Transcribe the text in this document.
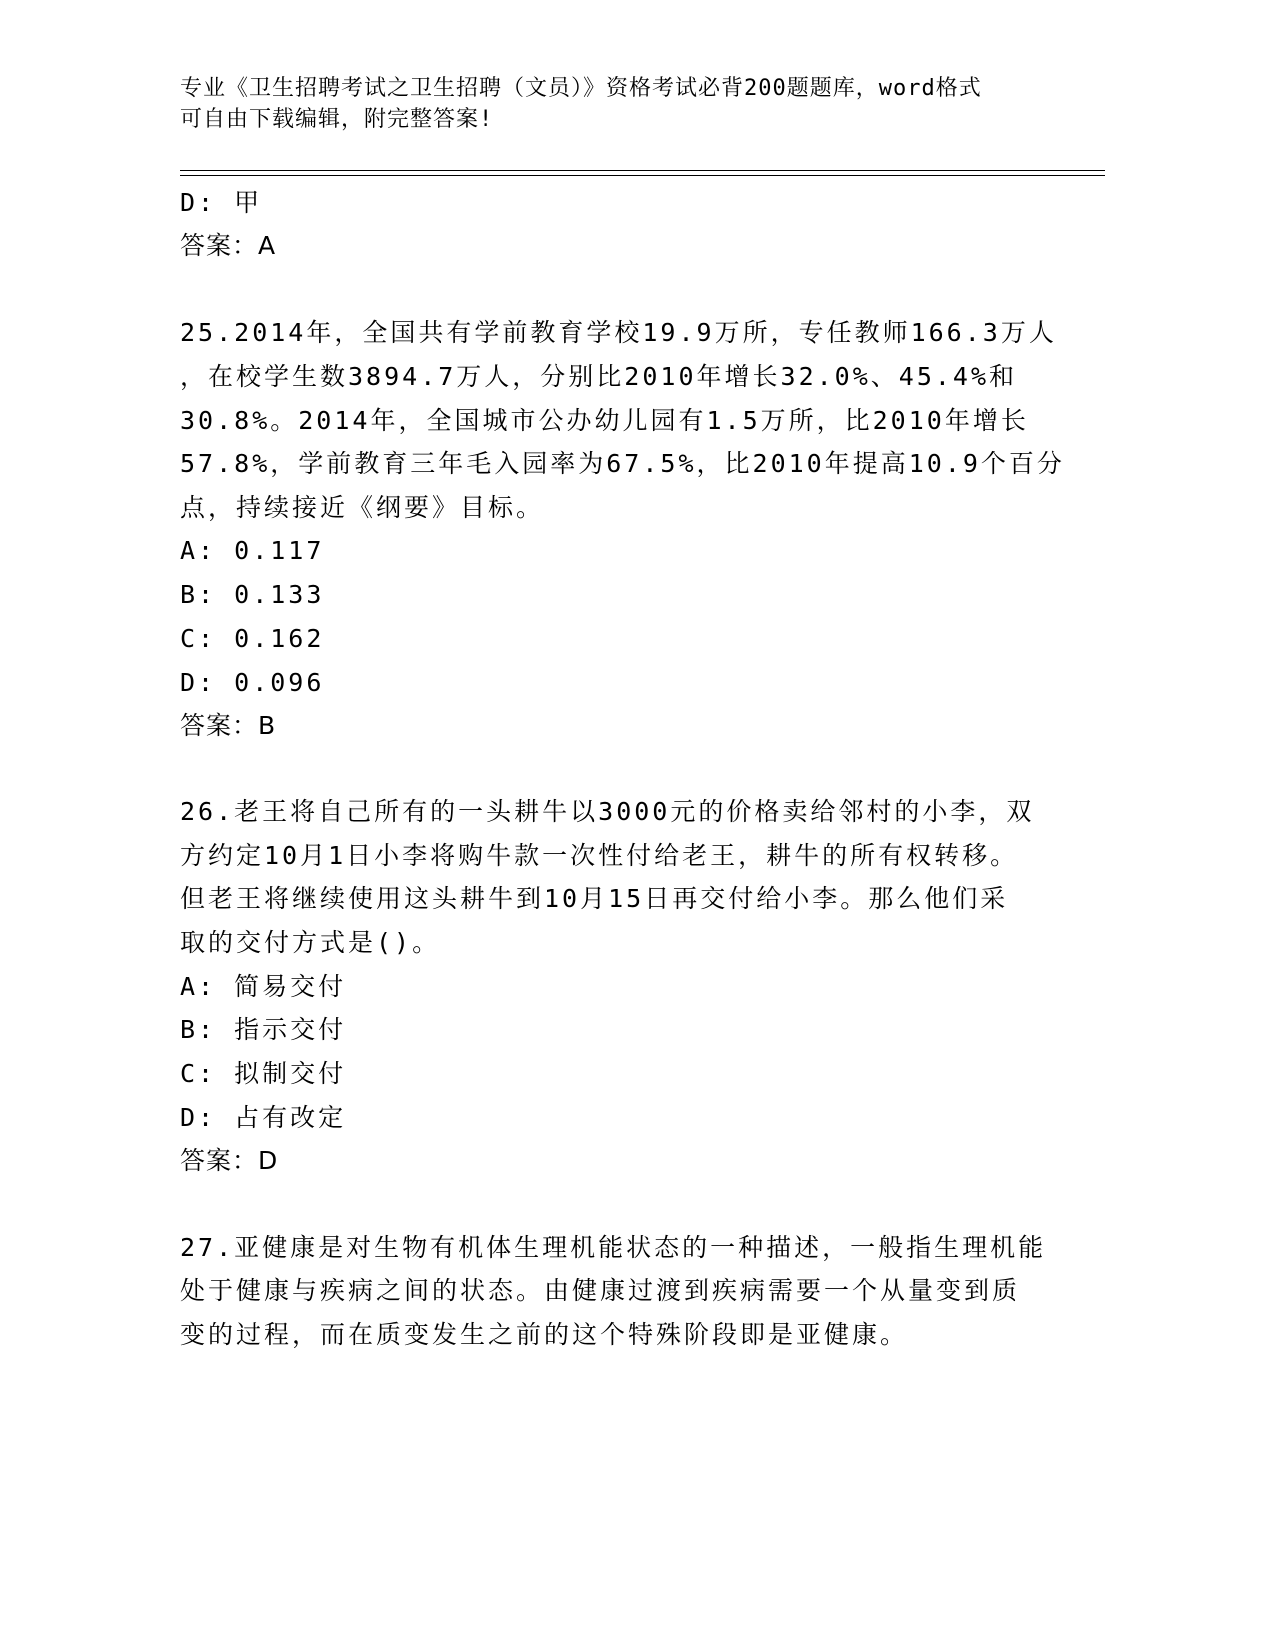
专业《卫生招聘考试之卫生招聘（文员）》资格考试必背200题题库，word格式
可自由下载编辑，附完整答案!
D: 甲
答案：A
25.2014年，全国共有学前教育学校19.9万所，专任教师166.3万人
，在校学生数3894.7万人，分别比2010年增长32.0%、45.4%和
30.8%。2014年，全国城市公办幼儿园有1.5万所，比2010年增长
57.8%，学前教育三年毛入园率为67.5%，比2010年提高10.9个百分
点，持续接近《纲要》目标。
A: 0.117
B: 0.133
C: 0.162
D: 0.096
答案：B
26.老王将自己所有的一头耕牛以3000元的价格卖给邻村的小李，双
方约定10月1日小李将购牛款一次性付给老王，耕牛的所有权转移。
但老王将继续使用这头耕牛到10月15日再交付给小李。那么他们采
取的交付方式是()。
A: 简易交付
B: 指示交付
C: 拟制交付
D: 占有改定
答案：D
27.亚健康是对生物有机体生理机能状态的一种描述，一般指生理机能
处于健康与疾病之间的状态。由健康过渡到疾病需要一个从量变到质
变的过程，而在质变发生之前的这个特殊阶段即是亚健康。
